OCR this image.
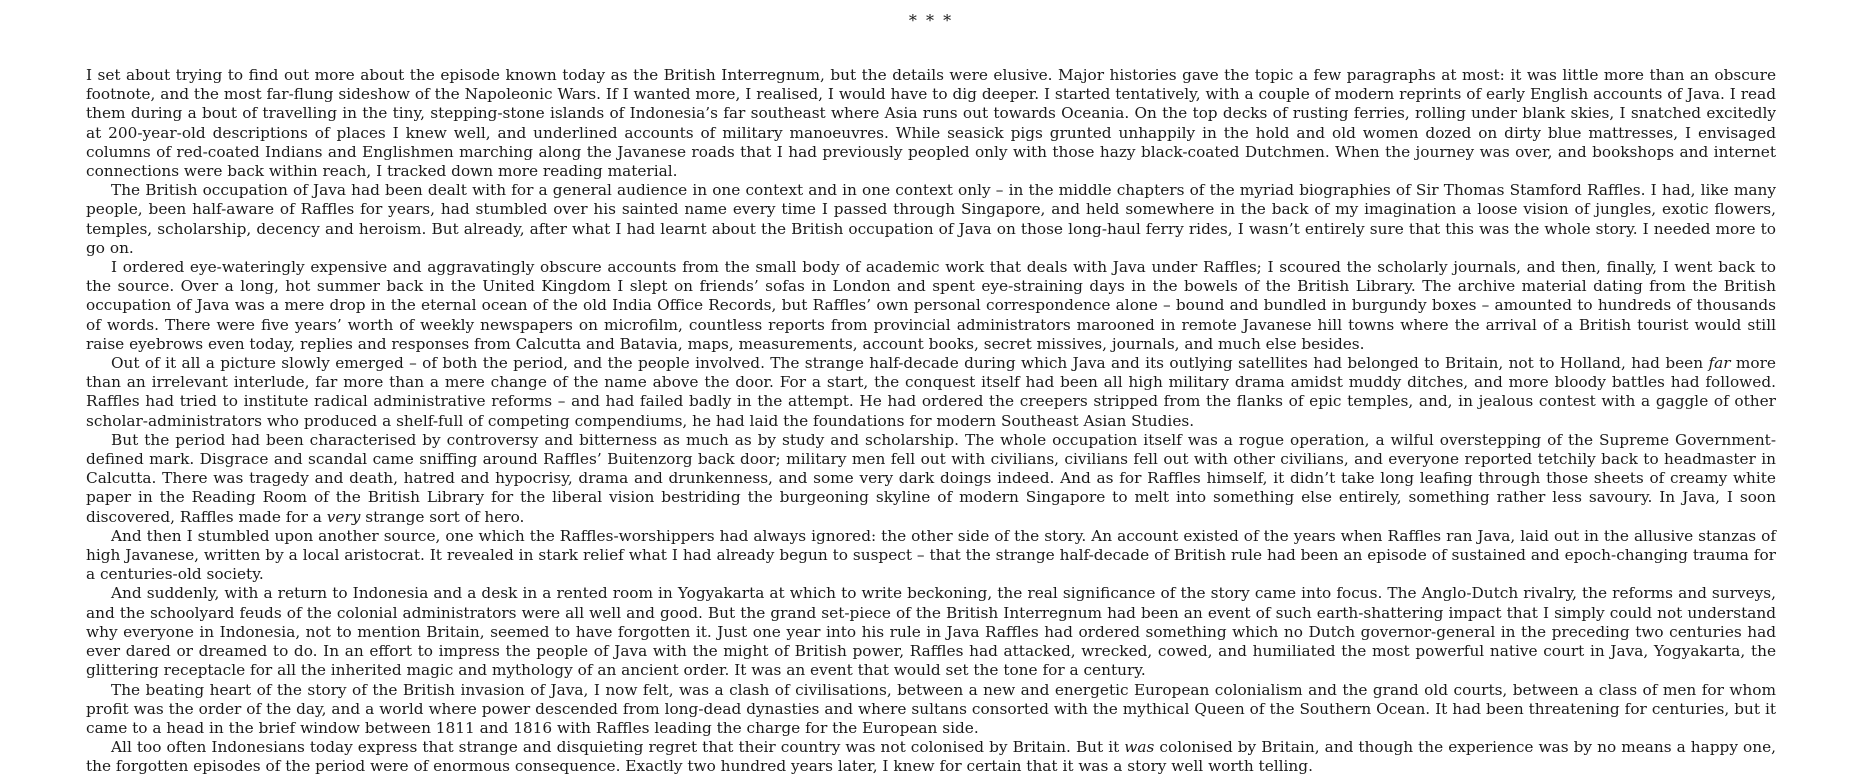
* * *

I set about trying to find out more about the episode known today as the British Interregnum, but the details were elusive. Major histories gave the topic a few paragraphs at most: it was little more than an obscure footnote, and the most far-flung sideshow of the Napoleonic Wars. If I wanted more, I realised, I would have to dig deeper. I started tentatively, with a couple of modern reprints of early English accounts of Java. I read them during a bout of travelling in the tiny, stepping-stone islands of Indonesia’s far southeast where Asia runs out towards Oceania. On the top decks of rusting ferries, rolling under blank skies, I snatched excitedly at 200-year-old descriptions of places I knew well, and underlined accounts of military manoeuvres. While seasick pigs grunted unhappily in the hold and old women dozed on dirty blue mattresses, I envisaged columns of red-coated Indians and Englishmen marching along the Javanese roads that I had previously peopled only with those hazy black-coated Dutchmen. When the journey was over, and bookshops and internet connections were back within reach, I tracked down more reading material.

The British occupation of Java had been dealt with for a general audience in one context and in one context only – in the middle chapters of the myriad biographies of Sir Thomas Stamford Raffles. I had, like many people, been half-aware of Raffles for years, had stumbled over his sainted name every time I passed through Singapore, and held somewhere in the back of my imagination a loose vision of jungles, exotic flowers, temples, scholarship, decency and heroism. But already, after what I had learnt about the British occupation of Java on those long-haul ferry rides, I wasn’t entirely sure that this was the whole story. I needed more to go on.

I ordered eye-wateringly expensive and aggravatingly obscure accounts from the small body of academic work that deals with Java under Raffles; I scoured the scholarly journals, and then, finally, I went back to the source. Over a long, hot summer back in the United Kingdom I slept on friends’ sofas in London and spent eye-straining days in the bowels of the British Library. The archive material dating from the British occupation of Java was a mere drop in the eternal ocean of the old India Office Records, but Raffles’ own personal correspondence alone – bound and bundled in burgundy boxes – amounted to hundreds of thousands of words. There were five years’ worth of weekly newspapers on microfilm, countless reports from provincial administrators marooned in remote Javanese hill towns where the arrival of a British tourist would still raise eyebrows even today, replies and responses from Calcutta and Batavia, maps, measurements, account books, secret missives, journals, and much else besides.

Out of it all a picture slowly emerged – of both the period, and the people involved. The strange half-decade during which Java and its outlying satellites had belonged to Britain, not to Holland, had been far more than an irrelevant interlude, far more than a mere change of the name above the door. For a start, the conquest itself had been all high military drama amidst muddy ditches, and more bloody battles had followed. Raffles had tried to institute radical administrative reforms – and had failed badly in the attempt. He had ordered the creepers stripped from the flanks of epic temples, and, in jealous contest with a gaggle of other scholar-administrators who produced a shelf-full of competing compendiums, he had laid the foundations for modern Southeast Asian Studies.

But the period had been characterised by controversy and bitterness as much as by study and scholarship. The whole occupation itself was a rogue operation, a wilful overstepping of the Supreme Government-defined mark. Disgrace and scandal came sniffing around Raffles’ Buitenzorg back door; military men fell out with civilians, civilians fell out with other civilians, and everyone reported tetchily back to headmaster in Calcutta. There was tragedy and death, hatred and hypocrisy, drama and drunkenness, and some very dark doings indeed. And as for Raffles himself, it didn’t take long leafing through those sheets of creamy white paper in the Reading Room of the British Library for the liberal vision bestriding the burgeoning skyline of modern Singapore to melt into something else entirely, something rather less savoury. In Java, I soon discovered, Raffles made for a very strange sort of hero.

And then I stumbled upon another source, one which the Raffles-worshippers had always ignored: the other side of the story. An account existed of the years when Raffles ran Java, laid out in the allusive stanzas of high Javanese, written by a local aristocrat. It revealed in stark relief what I had already begun to suspect – that the strange half-decade of British rule had been an episode of sustained and epoch-changing trauma for a centuries-old society.

And suddenly, with a return to Indonesia and a desk in a rented room in Yogyakarta at which to write beckoning, the real significance of the story came into focus. The Anglo-Dutch rivalry, the reforms and surveys, and the schoolyard feuds of the colonial administrators were all well and good. But the grand set-piece of the British Interregnum had been an event of such earth-shattering impact that I simply could not understand why everyone in Indonesia, not to mention Britain, seemed to have forgotten it. Just one year into his rule in Java Raffles had ordered something which no Dutch governor-general in the preceding two centuries had ever dared or dreamed to do. In an effort to impress the people of Java with the might of British power, Raffles had attacked, wrecked, cowed, and humiliated the most powerful native court in Java, Yogyakarta, the glittering receptacle for all the inherited magic and mythology of an ancient order. It was an event that would set the tone for a century.

The beating heart of the story of the British invasion of Java, I now felt, was a clash of civilisations, between a new and energetic European colonialism and the grand old courts, between a class of men for whom profit was the order of the day, and a world where power descended from long-dead dynasties and where sultans consorted with the mythical Queen of the Southern Ocean. It had been threatening for centuries, but it came to a head in the brief window between 1811 and 1816 with Raffles leading the charge for the European side.

All too often Indonesians today express that strange and disquieting regret that their country was not colonised by Britain. But it was colonised by Britain, and though the experience was by no means a happy one, the forgotten episodes of the period were of enormous consequence. Exactly two hundred years later, I knew for certain that it was a story well worth telling.
